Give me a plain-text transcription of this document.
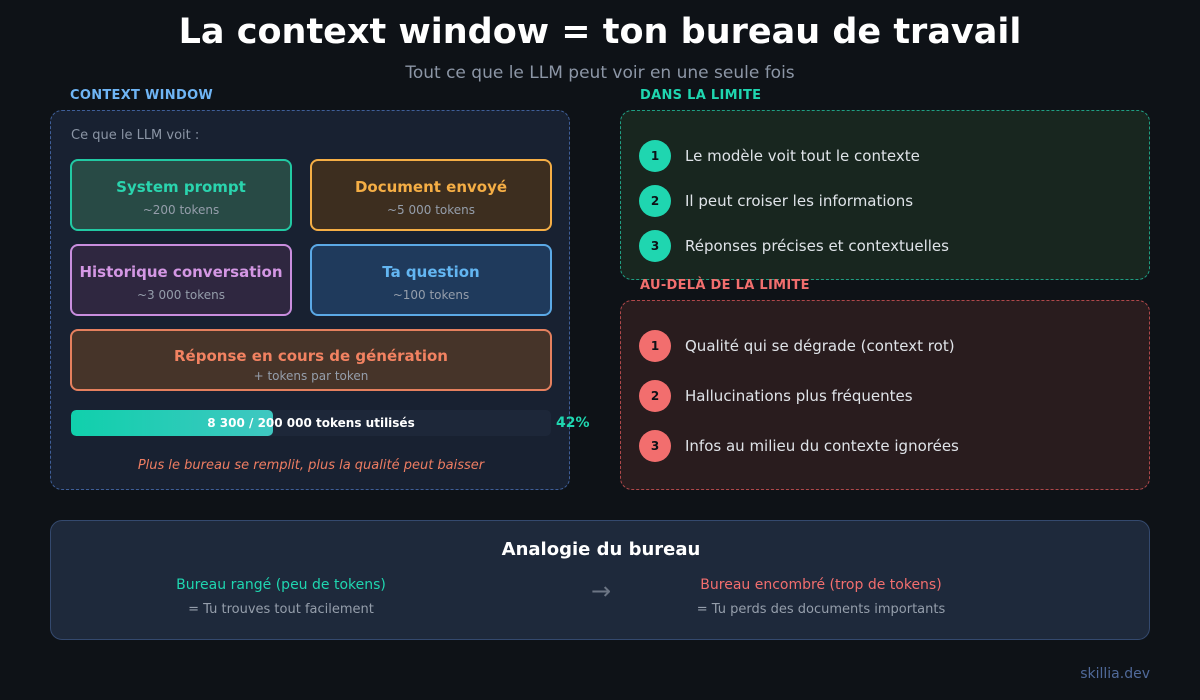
La context window = ton bureau de travail
Tout ce que le LLM peut voir en une seule fois
CONTEXT WINDOW
Ce que le LLM voit :
System prompt
~200 tokens
Document envoyé
~5 000 tokens
Historique conversation
~3 000 tokens
Ta question
~100 tokens
Réponse en cours de génération
+ tokens par token
8 300 / 200 000 tokens utilisés	42%
Plus le bureau se remplit, plus la qualité peut baisser
DANS LA LIMITE
1	Le modèle voit tout le contexte
2	Il peut croiser les informations
3	Réponses précises et contextuelles
AU-DELÀ DE LA LIMITE
1	Qualité qui se dégrade (context rot)
2	Hallucinations plus fréquentes
3	Infos au milieu du contexte ignorées
Analogie du bureau
Bureau rangé (peu de tokens)
= Tu trouves tout facilement
→	Bureau encombré (trop de tokens)
= Tu perds des documents importants
skillia.dev
